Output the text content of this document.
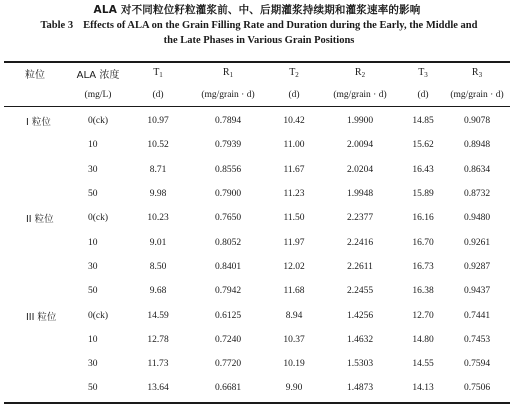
ALA 对不同粒位籽粒灌浆前、中、后期灌浆持续期和灌浆速率的影响
Table 3 Effects of ALA on the Grain Filling Rate and Duration during the Early, the Middle and
the Late Phases in Various Grain Positions
粒位	ALA 浓度	$T_1$	$R_1$	$T_2$	$R_2$	$T_3$	$R_3$
	(mg/L)	(d)	(mg/grain · d)	(d)	(mg/grain · d)	(d)	(mg/grain · d)

I 粒位	0(ck)	10.97	0.7894	10.42	1.9900	14.85	0.9078
	10	10.52	0.7939	11.00	2.0094	15.62	0.8948
	30	8.71	0.8556	11.67	2.0204	16.43	0.8634
	50	9.98	0.7900	11.23	1.9948	15.89	0.8732
II 粒位	0(ck)	10.23	0.7650	11.50	2.2377	16.16	0.9480
	10	9.01	0.8052	11.97	2.2416	16.70	0.9261
	30	8.50	0.8401	12.02	2.2611	16.73	0.9287
	50	9.68	0.7942	11.68	2.2455	16.38	0.9437
III 粒位	0(ck)	14.59	0.6125	8.94	1.4256	12.70	0.7441
	10	12.78	0.7240	10.37	1.4632	14.80	0.7453
	30	11.73	0.7720	10.19	1.5303	14.55	0.7594
	50	13.64	0.6681	9.90	1.4873	14.13	0.7506
